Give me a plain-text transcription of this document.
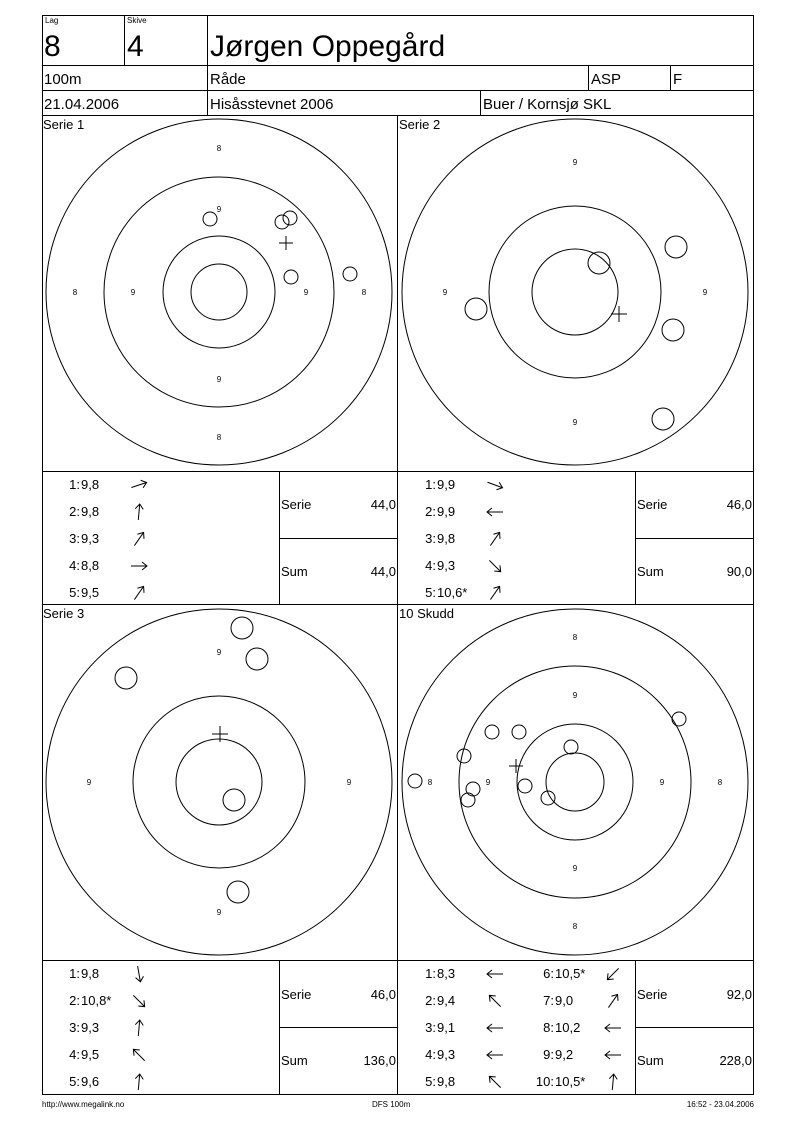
Lag
8
Skive
4 Jørgen Oppegård
100m	Råde	ASP	F
21.04.2006	Hisåsstevnet 2006	Buer / Kornsjø SKL
Serie 1	Serie 2
Serie 3	10 Skudd
8
9
9
8
8	9	9	8
9
9
9	9
9
9
9	9
8
9
9
8
8	9	9	8
1: 9,8
2: 9,8
3: 9,3
4: 8,8
5: 9,5
1: 9,9
2: 9,9
3: 9,8
4: 9,3
5: 10,6*
1: 9,8
2: 10,8*
3: 9,3
4: 9,5
5: 9,6
1: 8,3
2: 9,4
3: 9,1
4: 9,3
5: 9,8
6: 10,5*
7: 9,0
8: 10,2
9: 9,2
10: 10,5*
Serie	44,0
Sum	44,0
Serie	46,0
Sum	90,0
Serie	46,0
Sum	136,0
Serie	92,0
Sum	228,0
http://www.megalink.no	DFS 100m	16:52 - 23.04.2006
